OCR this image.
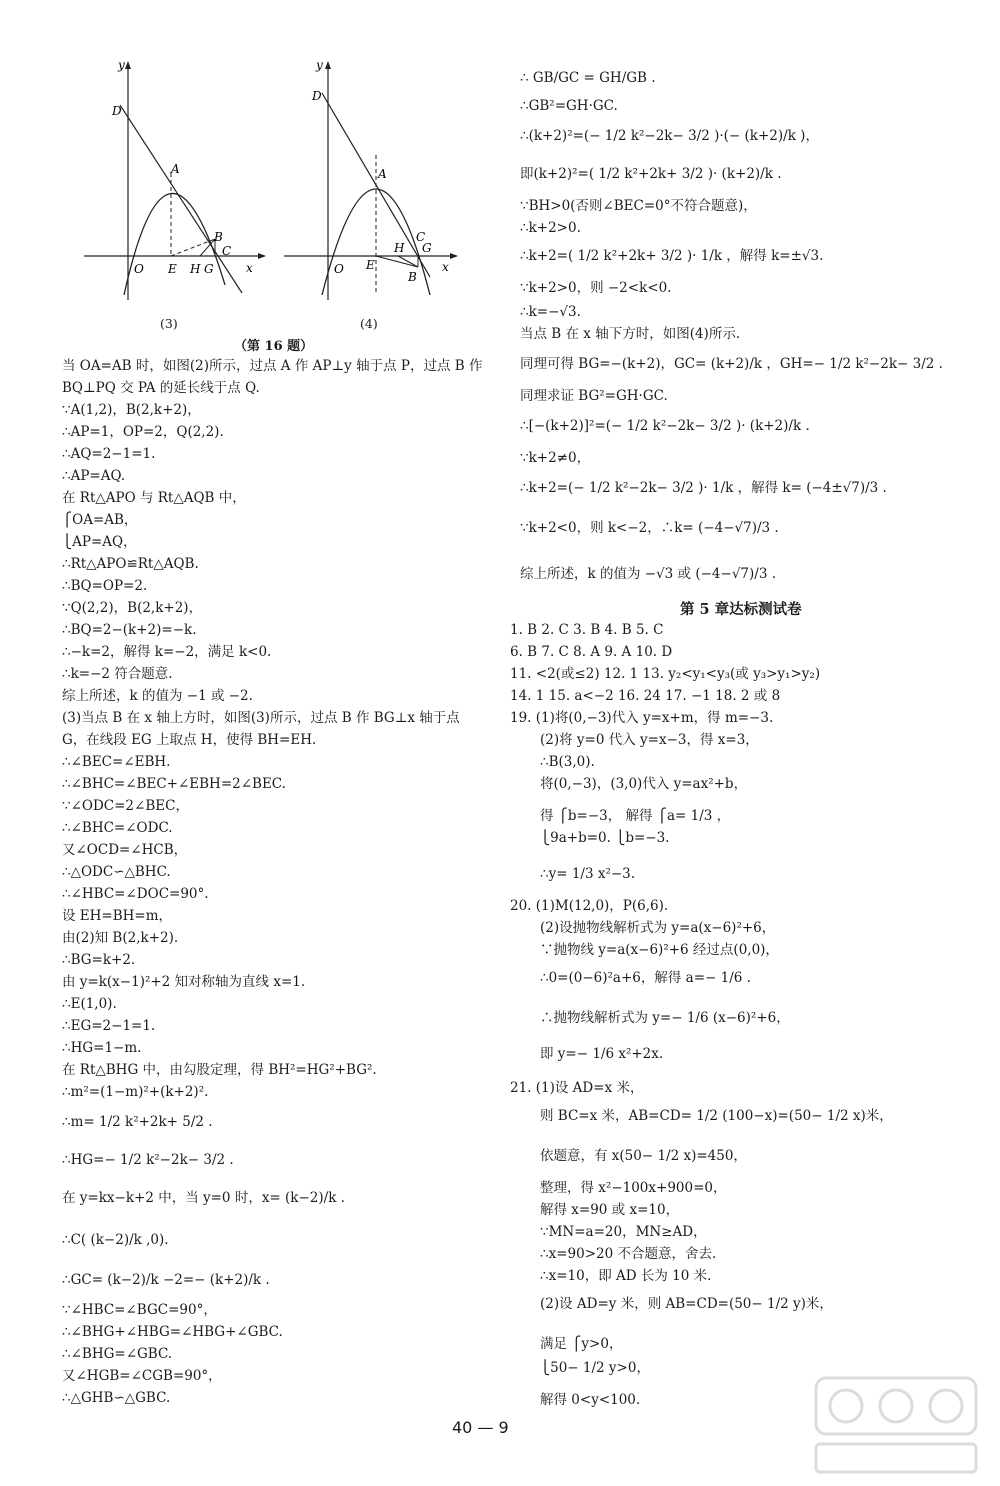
y
D
A
O E H G
B
C
x
y
D
A
O E
H G
B
C
x
(3)	(4)
（第 16 题）
当 OA=AB 时，如图(2)所示，过点 A 作 AP⊥y 轴于点 P，过点 B 作
BQ⊥PQ 交 PA 的延长线于点 Q.
∵A(1,2)，B(2,k+2)，
∴AP=1，OP=2，Q(2,2).
∴AQ=2−1=1.
∴AP=AQ.
在 Rt△APO 与 Rt△AQB 中，
⎧OA=AB，
⎩AP=AQ，
∴Rt△APO≌Rt△AQB.
∴BQ=OP=2.
∵Q(2,2)，B(2,k+2)，
∴BQ=2−(k+2)=−k.
∴−k=2，解得 k=−2，满足 k<0.
∴k=−2 符合题意.
综上所述，k 的值为 −1 或 −2.
(3)当点 B 在 x 轴上方时，如图(3)所示，过点 B 作 BG⊥x 轴于点
G，在线段 EG 上取点 H，使得 BH=EH.
∴∠BEC=∠EBH.
∴∠BHC=∠BEC+∠EBH=2∠BEC.
∵∠ODC=2∠BEC，
∴∠BHC=∠ODC.
又∠OCD=∠HCB，
∴△ODC∽△BHC.
∴∠HBC=∠DOC=90°.
设 EH=BH=m，
由(2)知 B(2,k+2).
∴BG=k+2.
由 y=k(x−1)²+2 知对称轴为直线 x=1.
∴E(1,0).
∴EG=2−1=1.
∴HG=1−m.
在 Rt△BHG 中，由勾股定理，得 BH²=HG²+BG².
∴m²=(1−m)²+(k+2)².
∴m= 1/2 k²+2k+ 5/2 .
∴HG=− 1/2 k²−2k− 3/2 .
在 y=kx−k+2 中，当 y=0 时，x= (k−2)/k .
∴C( (k−2)/k ,0).
∴GC= (k−2)/k −2=− (k+2)/k .
∵∠HBC=∠BGC=90°，
∴∠BHG+∠HBG=∠HBG+∠GBC.
∴∠BHG=∠GBC.
又∠HGB=∠CGB=90°，
∴△GHB∽△GBC.
∴ GB/GC = GH/GB .
∴GB²=GH·GC.
∴(k+2)²=(− 1/2 k²−2k− 3/2 )·(− (k+2)/k )，
即(k+2)²=( 1/2 k²+2k+ 3/2 )· (k+2)/k .
∵BH>0(否则∠BEC=0°不符合题意)，
∴k+2>0.
∴k+2=( 1/2 k²+2k+ 3/2 )· 1/k ，解得 k=±√3.
∵k+2>0，则 −2<k<0.
∴k=−√3.
当点 B 在 x 轴下方时，如图(4)所示.
同理可得 BG=−(k+2)，GC= (k+2)/k ，GH=− 1/2 k²−2k− 3/2 .
同理求证 BG²=GH·GC.
∴[−(k+2)]²=(− 1/2 k²−2k− 3/2 )· (k+2)/k .
∵k+2≠0，
∴k+2=(− 1/2 k²−2k− 3/2 )· 1/k ，解得 k= (−4±√7)/3 .
∵k+2<0，则 k<−2，∴k= (−4−√7)/3 .
综上所述，k 的值为 −√3 或 (−4−√7)/3 .
第 5 章达标测试卷
1. B 2. C 3. B 4. B 5. C
6. B 7. C 8. A 9. A 10. D
11. <2(或≤2) 12. 1 13. y₂<y₁<y₃(或 y₃>y₁>y₂)
14. 1 15. a<−2 16. 24 17. −1 18. 2 或 8
19. (1)将(0,−3)代入 y=x+m，得 m=−3.
(2)将 y=0 代入 y=x−3，得 x=3，
∴B(3,0).
将(0,−3)，(3,0)代入 y=ax²+b，
得 ⎧b=−3， 解得 ⎧a= 1/3 ，
⎩9a+b=0. ⎩b=−3.
∴y= 1/3 x²−3.
20. (1)M(12,0)，P(6,6).
(2)设抛物线解析式为 y=a(x−6)²+6，
∵抛物线 y=a(x−6)²+6 经过点(0,0)，
∴0=(0−6)²a+6，解得 a=− 1/6 .
∴抛物线解析式为 y=− 1/6 (x−6)²+6，
即 y=− 1/6 x²+2x.
21. (1)设 AD=x 米，
则 BC=x 米，AB=CD= 1/2 (100−x)=(50− 1/2 x)米，
依题意，有 x(50− 1/2 x)=450，
整理，得 x²−100x+900=0，
解得 x=90 或 x=10，
∵MN=a=20，MN≥AD，
∴x=90>20 不合题意，舍去.
∴x=10，即 AD 长为 10 米.
(2)设 AD=y 米，则 AB=CD=(50− 1/2 y)米，
满足 ⎧y>0，
⎩50− 1/2 y>0，
解得 0<y<100.
40 — 9
